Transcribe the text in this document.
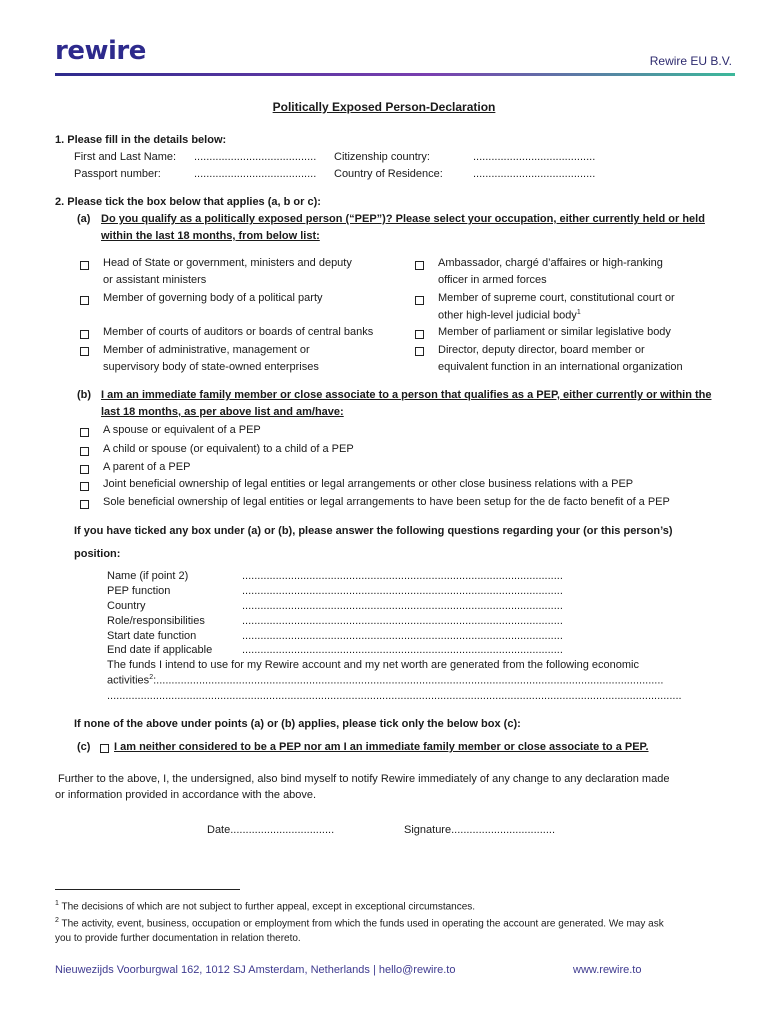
rewire	Rewire EU B.V.
Politically Exposed Person-Declaration
1. Please fill in the details below:
First and Last Name: ........................................ Citizenship country:	........................................
Passport number:	........................................ Country of Residence:	........................................
2. Please tick the box below that applies (a, b or c):
(a) Do you qualify as a politically exposed person (“PEP”)? Please select your occupation, either currently held or held
within the last 18 months, from below list:
Head of State or government, ministers and deputy
or assistant ministers
Member of governing body of a political party
Member of courts of auditors or boards of central banks
Member of administrative, management or
supervisory body of state-owned enterprises
Ambassador, chargé d’affaires or high-ranking
officer in armed forces
Member of supreme court, constitutional court or
other high-level judicial body$^1$
Member of parliament or similar legislative body
Director, deputy director, board member or
equivalent function in an international organization
(b) I am an immediate family member or close associate to a person that qualifies as a PEP, either currently or within the
last 18 months, as per above list and am/have:
A spouse or equivalent of a PEP
A child or spouse (or equivalent) to a child of a PEP
A parent of a PEP
Joint beneficial ownership of legal entities or legal arrangements or other close business relations with a PEP
Sole beneficial ownership of legal entities or legal arrangements to have been setup for the de facto benefit of a PEP
If you have ticked any box under (a) or (b), please answer the following questions regarding your (or this person’s)
position:
Name (if point 2)	.........................................................................................................
PEP function	.........................................................................................................
Country	.........................................................................................................
Role/responsibilities	.........................................................................................................
Start date function	.........................................................................................................
End date if applicable	.........................................................................................................
The funds I intend to use for my Rewire account and my net worth are generated from the following economic
activities$^2$:......................................................................................................................................................................
............................................................................................................................................................................................
If none of the above under points (a) or (b) applies, please tick only the below box (c):
(c) I am neither considered to be a PEP nor am I an immediate family member or close associate to a PEP.
Further to the above, I, the undersigned, also bind myself to notify Rewire immediately of any change to any declaration made
or information provided in accordance with the above.
Date..................................	Signature..................................
$^1$ The decisions of which are not subject to further appeal, except in exceptional circumstances.
$^2$ The activity, event, business, occupation or employment from which the funds used in operating the account are generated. We may ask
you to provide further documentation in relation thereto.
Nieuwezijds Voorburgwal 162, 1012 SJ Amsterdam, Netherlands | hello@rewire.to	www.rewire.to
